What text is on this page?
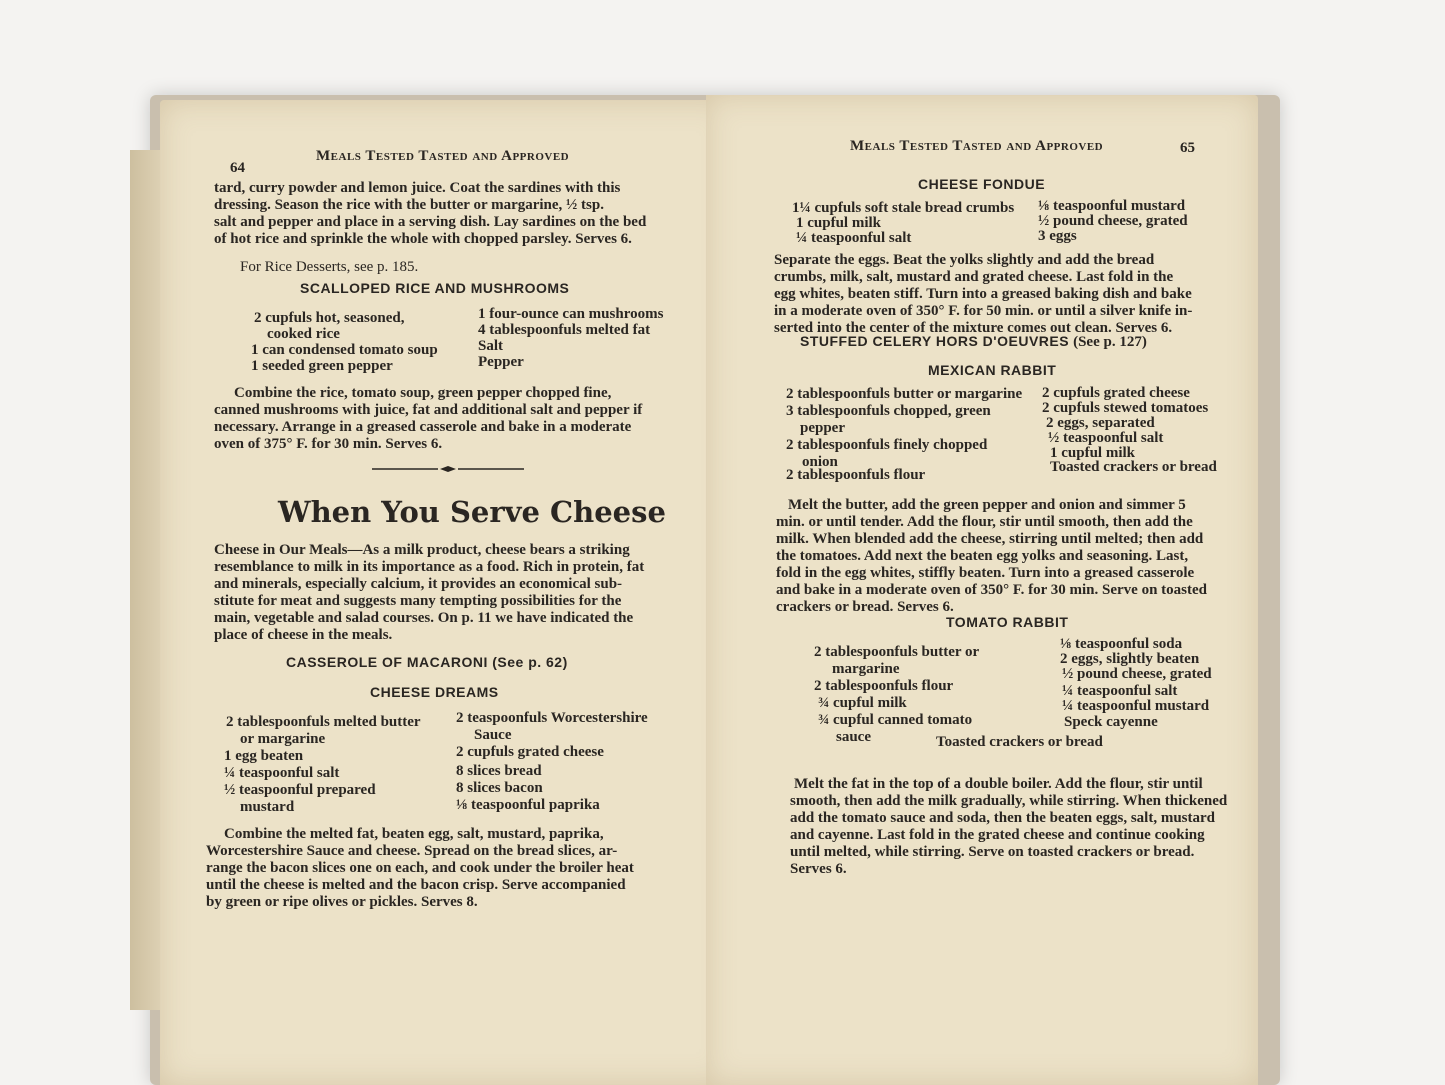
64
Meals Tested Tasted and Approved
tard, curry powder and lemon juice. Coat the sardines with this
dressing. Season the rice with the butter or margarine, ½ tsp.
salt and pepper and place in a serving dish. Lay sardines on the bed
of hot rice and sprinkle the whole with chopped parsley. Serves 6.
For Rice Desserts, see p. 185.
SCALLOPED RICE AND MUSHROOMS
2 cupfuls hot, seasoned,
cooked rice
1 can condensed tomato soup
1 seeded green pepper
1 four-ounce can mushrooms
4 tablespoonfuls melted fat
Salt
Pepper
Combine the rice, tomato soup, green pepper chopped fine,
canned mushrooms with juice, fat and additional salt and pepper if
necessary. Arrange in a greased casserole and bake in a moderate
oven of 375° F. for 30 min. Serves 6.
When You Serve Cheese
Cheese in Our Meals—As a milk product, cheese bears a striking
resemblance to milk in its importance as a food. Rich in protein, fat
and minerals, especially calcium, it provides an economical sub-
stitute for meat and suggests many tempting possibilities for the
main, vegetable and salad courses. On p. 11 we have indicated the
place of cheese in the meals.
CASSEROLE OF MACARONI (See p. 62)
CHEESE DREAMS
2 tablespoonfuls melted butter
or margarine
1 egg beaten
¼ teaspoonful salt
½ teaspoonful prepared
mustard
2 teaspoonfuls Worcestershire
Sauce
2 cupfuls grated cheese
8 slices bread
8 slices bacon
⅛ teaspoonful paprika
Combine the melted fat, beaten egg, salt, mustard, paprika,
Worcestershire Sauce and cheese. Spread on the bread slices, ar-
range the bacon slices one on each, and cook under the broiler heat
until the cheese is melted and the bacon crisp. Serve accompanied
by green or ripe olives or pickles. Serves 8.
Meals Tested Tasted and Approved	65
CHEESE FONDUE
1¼ cupfuls soft stale bread crumbs
1 cupful milk
¼ teaspoonful salt
⅛ teaspoonful mustard
½ pound cheese, grated
3 eggs
Separate the eggs. Beat the yolks slightly and add the bread
crumbs, milk, salt, mustard and grated cheese. Last fold in the
egg whites, beaten stiff. Turn into a greased baking dish and bake
in a moderate oven of 350° F. for 50 min. or until a silver knife in-
serted into the center of the mixture comes out clean. Serves 6.
STUFFED CELERY HORS D'OEUVRES (See p. 127)
MEXICAN RABBIT
2 tablespoonfuls butter or margarine
3 tablespoonfuls chopped, green
pepper
2 tablespoonfuls finely chopped
onion
2 tablespoonfuls flour
2 cupfuls grated cheese
2 cupfuls stewed tomatoes
2 eggs, separated
½ teaspoonful salt
1 cupful milk
Toasted crackers or bread
Melt the butter, add the green pepper and onion and simmer 5
min. or until tender. Add the flour, stir until smooth, then add the
milk. When blended add the cheese, stirring until melted; then add
the tomatoes. Add next the beaten egg yolks and seasoning. Last,
fold in the egg whites, stiffly beaten. Turn into a greased casserole
and bake in a moderate oven of 350° F. for 30 min. Serve on toasted
crackers or bread. Serves 6.
TOMATO RABBIT
2 tablespoonfuls butter or
margarine
2 tablespoonfuls flour
¾ cupful milk
¾ cupful canned tomato
sauce
⅛ teaspoonful soda
2 eggs, slightly beaten
½ pound cheese, grated
¼ teaspoonful salt
¼ teaspoonful mustard
Speck cayenne
Toasted crackers or bread
Melt the fat in the top of a double boiler. Add the flour, stir until
smooth, then add the milk gradually, while stirring. When thickened
add the tomato sauce and soda, then the beaten eggs, salt, mustard
and cayenne. Last fold in the grated cheese and continue cooking
until melted, while stirring. Serve on toasted crackers or bread.
Serves 6.
